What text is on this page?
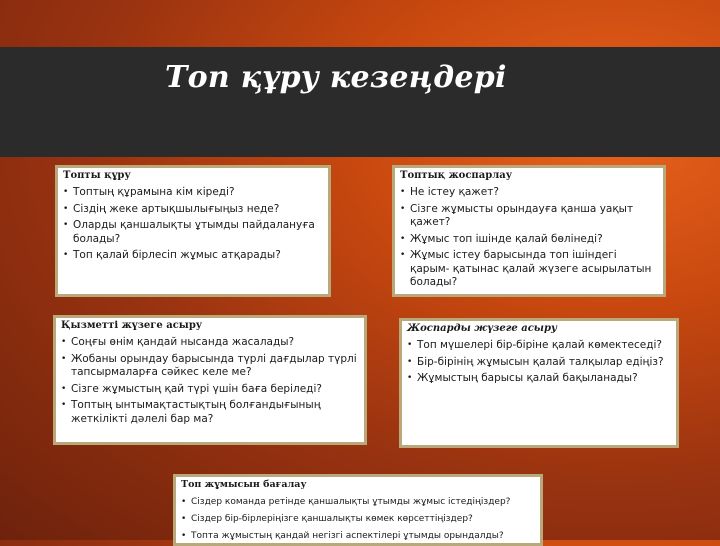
Топ құру кезеңдері
Топты құру
• Топтың құрамына кім кіреді?
• Сіздің жеке артықшылығыңыз неде?
• Оларды қаншалықты ұтымды пайдалануға болады?
• Топ қалай бірлесіп жұмыс атқарады?
Топтық жоспарлау
• Не істеу қажет?
• Сізге жұмысты орындауға қанша уақыт қажет?
• Жұмыс топ ішінде қалай бөлінеді?
• Жұмыс істеу барысында топ ішіндегі қарым- қатынас қалай жүзеге асырылатын болады?
Қызметті жүзеге асыру
• Соңғы өнім қандай нысанда жасалады?
• Жобаны орындау барысында түрлі дағдылар түрлі тапсырмаларға сәйкес келе ме?
• Сізге жұмыстың қай түрі үшін баға беріледі?
• Топтың ынтымақтастықтың болғандығының жеткілікті дәлелі бар ма?
Жоспарды жүзеге асыру
• Топ мүшелері бір-біріне қалай көмектеседі?
• Бір-бірінің жұмысын қалай талқылар едіңіз?
• Жұмыстың барысы қалай бақыланады?
Топ жұмысын бағалау
• Сіздер команда ретінде қаншалықты ұтымды жұмыс істедіңіздер?
• Сіздер бір-бірлеріңізге қаншалықты көмек көрсеттіңіздер?
• Топта жұмыстың қандай негізгі аспектілері ұтымды орындалды?
